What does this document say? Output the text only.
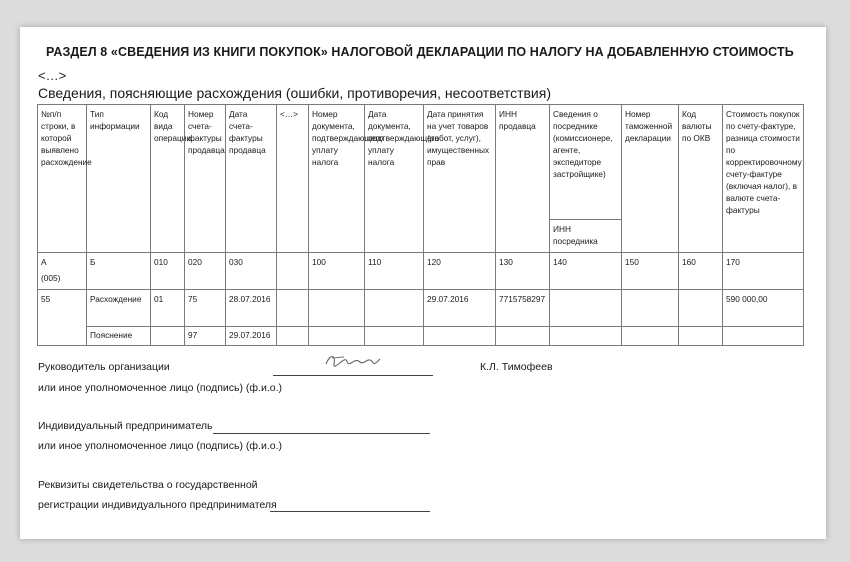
РАЗДЕЛ 8 «СВЕДЕНИЯ ИЗ КНИГИ ПОКУПОК» НАЛОГОВОЙ ДЕКЛАРАЦИИ ПО НАЛОГУ НА ДОБАВЛЕННУЮ СТОИМОСТЬ
<…>
Сведения, поясняющие расхождения (ошибки, противоречия, несоответствия)
№п/п строки, в которой выявлено расхождение	Тип информации	Код вида операции	Номер счета-фактуры продавца	Дата счета-фактуры продавца	<…>	Номер документа, подтверждающего уплату налога	Дата документа, подтверждающего уплату налога	Дата принятия на учет товаров (работ, услуг), имущественных прав	ИНН продавца	Сведения о посреднике (комиссионере, агенте, экспедиторе застройщике)	Номер таможенной декларации	Код валюты по ОКВ	Стоимость покупок по счету-фактуре, разница стоимости по корректировочному счету-фактуре (включая налог), в валюте счета-фактуры
										ИНН посредника			
А
(005)	Б	010	020	030		100	110	120	130	140	150	160	170
55	Расхождение	01	75	28.07.2016				29.07.2016	7715758297				590 000,00
	Пояснение		97	29.07.2016									
Руководитель организации	К.Л. Тимофеев
или иное уполномоченное лицо (подпись) (ф.и.о.)
Индивидуальный предприниматель
или иное уполномоченное лицо (подпись) (ф.и.о.)
Реквизиты свидетельства о государственной
регистрации индивидуального предпринимателя
